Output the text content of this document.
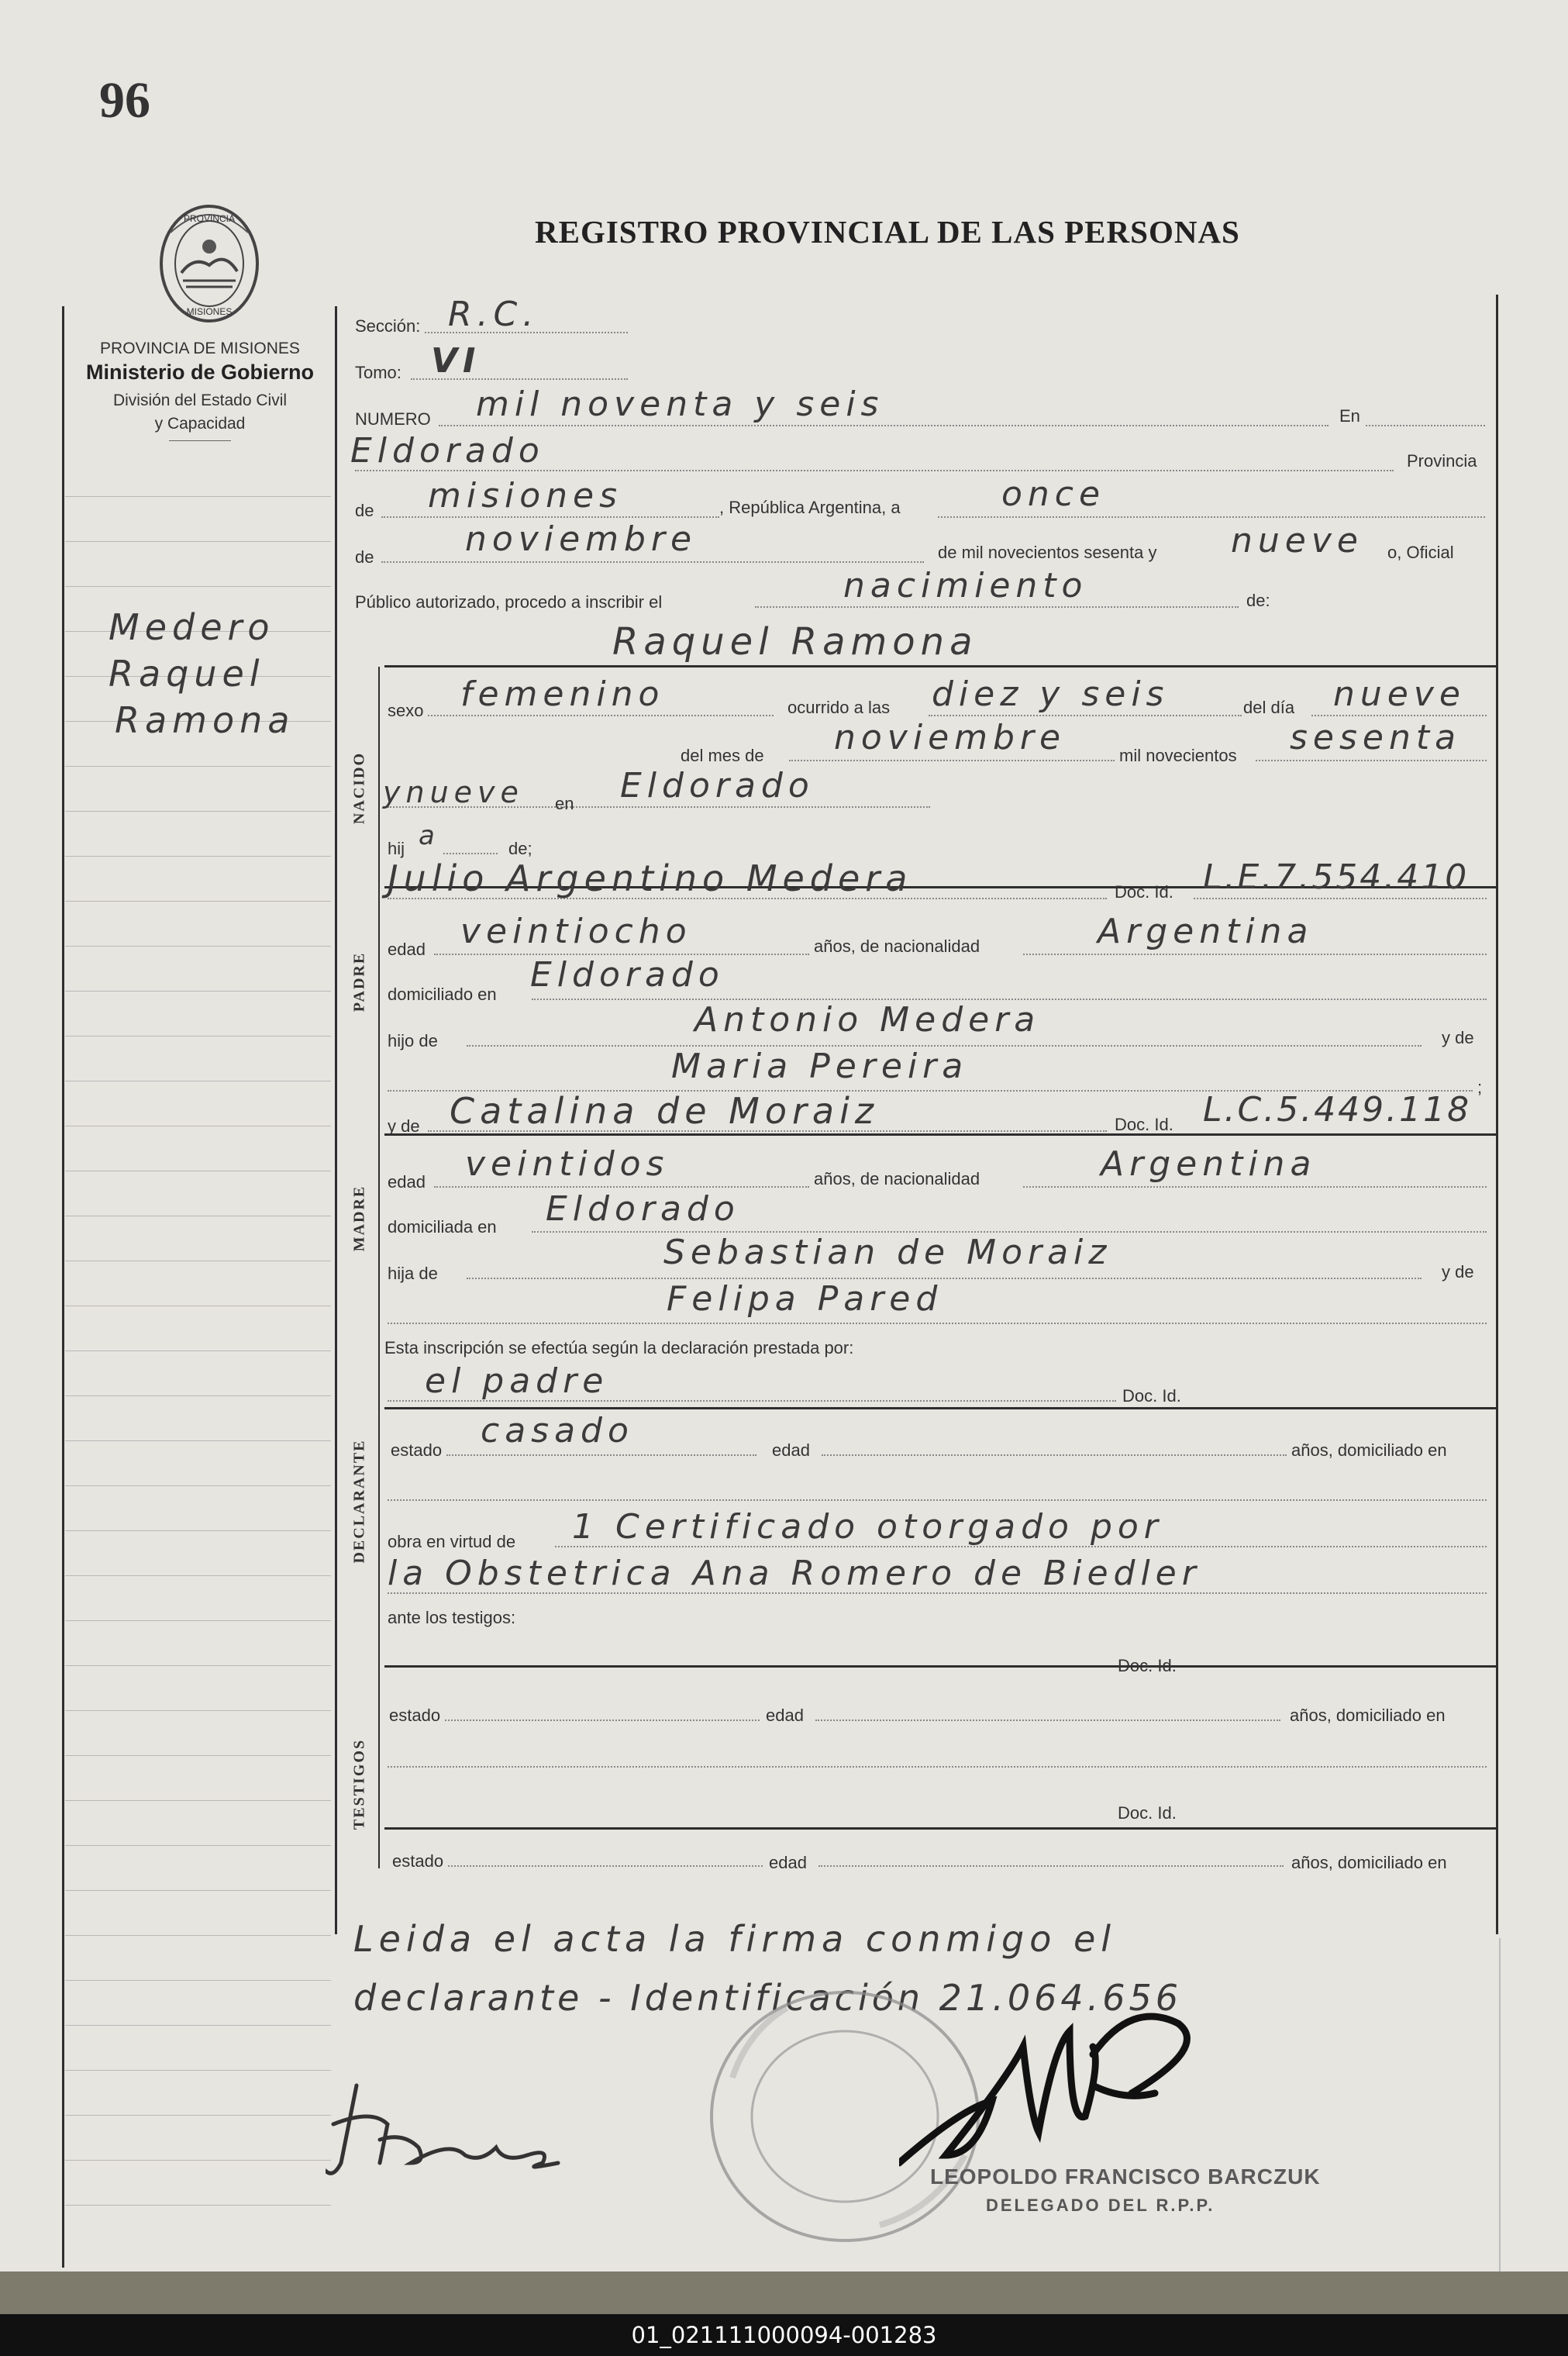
96
REGISTRO PROVINCIAL DE LAS PERSONAS
PROVINCIA
MISIONES
PROVINCIA DE MISIONES
Ministerio de Gobierno
División del Estado Civil
y Capacidad
Medero
Raquel
Ramona
NACIDO
PADRE
MADRE
DECLARANTE
TESTIGOS
Sección: R.C.
Tomo: VI
NUMERO mil noventa y seis	En
Eldorado	Provincia
de misiones	, República Argentina, a	once
de	noviembre	de mil novecientos sesenta y nueve o, Oficial
Público autorizado, procedo a inscribir el	nacimiento	de:
Raquel Ramona
sexo femenino	ocurrido a las diez y seis	del día nueve
del mes de noviembre	mil novecientos sesenta
ynueve en Eldorado
hij a	de;
Julio Argentino Medera	Doc. Id. L.E.7.554.410
edad veintiocho	años, de nacionalidad	Argentina
domiciliado en Eldorado
hijo de
Antonio Medera	y de
Maria Pereira
;
y de Catalina de Moraiz	Doc. Id. L.C.5.449.118
edad veintidos	años, de nacionalidad	Argentina
domiciliada en Eldorado
hija de
Sebastian de Moraiz	y de
Felipa Pared
Esta inscripción se efectúa según la declaración prestada por:
el padre	Doc. Id.
estado casado	edad	años, domiciliado en
obra en virtud de 1 Certificado otorgado por
la Obstetrica Ana Romero de Biedler
ante los testigos:
Doc. Id.
estado	edad	años, domiciliado en
Doc. Id.
estado	edad	años, domiciliado en
Leida el acta la firma conmigo el
declarante - Identificación 21.064.656
LEOPOLDO FRANCISCO BARCZUK
DELEGADO DEL R.P.P.
01_021111000094-001283
